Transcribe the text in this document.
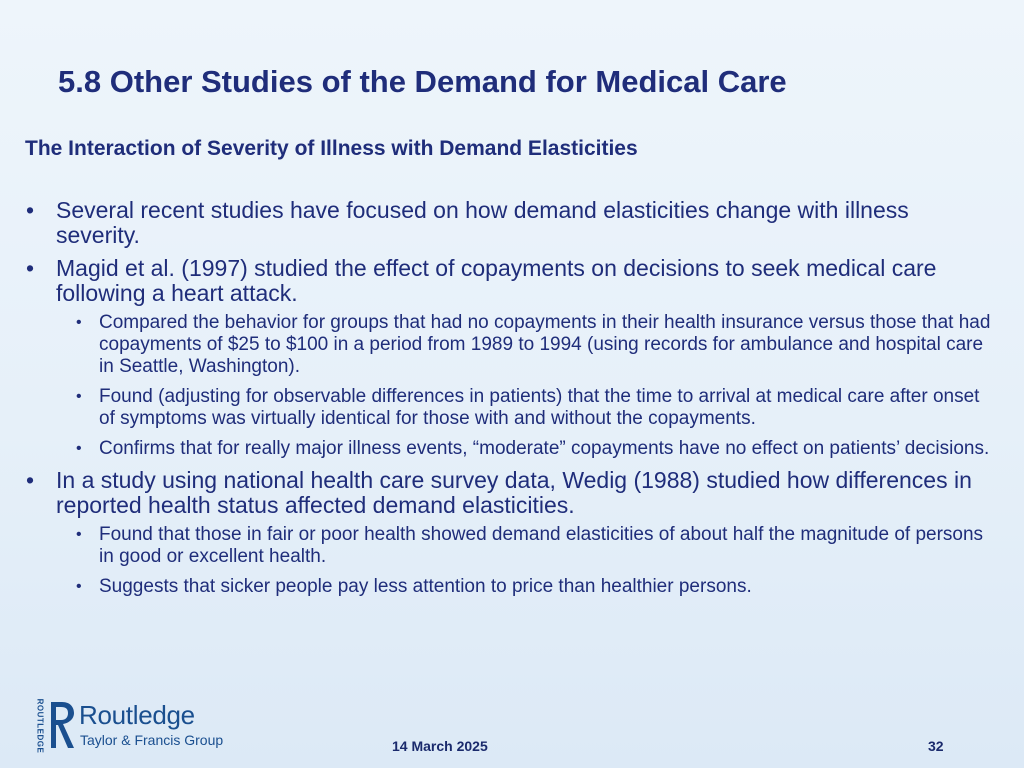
5.8 Other Studies of the Demand for Medical Care
The Interaction of Severity of Illness with Demand Elasticities
• Several recent studies have focused on how demand elasticities change with illness severity.
• Magid et al. (1997) studied the effect of copayments on decisions to seek medical care following a heart attack.
• Compared the behavior for groups that had no copayments in their health insurance versus those that had copayments of $25 to $100 in a period from 1989 to 1994 (using records for ambulance and hospital care in Seattle, Washington).
• Found (adjusting for observable differences in patients) that the time to arrival at medical care after onset of symptoms was virtually identical for those with and without the copayments.
• Confirms that for really major illness events, “moderate” copayments have no effect on patients’ decisions.
• In a study using national health care survey data, Wedig (1988) studied how differences in reported health status affected demand elasticities.
• Found that those in fair or poor health showed demand elasticities of about half the magnitude of persons in good or excellent health.
• Suggests that sicker people pay less attention to price than healthier persons.
ROUTLEDGE Routledge
Taylor & Francis Group	14 March 2025	32
